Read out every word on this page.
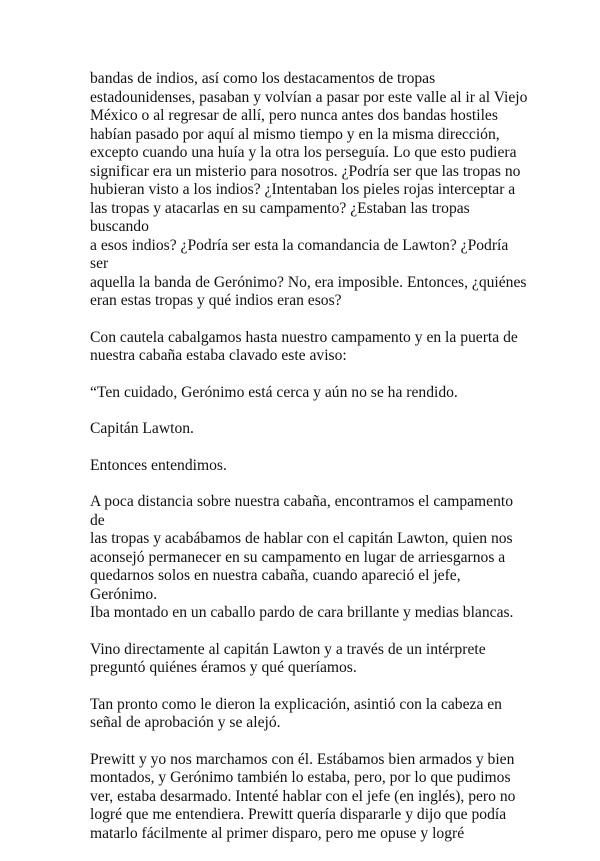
bandas de indios, así como los destacamentos de tropas
estadounidenses, pasaban y volvían a pasar por este valle al ir al Viejo
México o al regresar de allí, pero nunca antes dos bandas hostiles
habían pasado por aquí al mismo tiempo y en la misma dirección,
excepto cuando una huía y la otra los perseguía. Lo que esto pudiera
significar era un misterio para nosotros. ¿Podría ser que las tropas no
hubieran visto a los indios? ¿Intentaban los pieles rojas interceptar a
las tropas y atacarlas en su campamento? ¿Estaban las tropas buscando
a esos indios? ¿Podría ser esta la comandancia de Lawton? ¿Podría ser
aquella la banda de Gerónimo? No, era imposible. Entonces, ¿quiénes
eran estas tropas y qué indios eran esos?

Con cautela cabalgamos hasta nuestro campamento y en la puerta de
nuestra cabaña estaba clavado este aviso:

“Ten cuidado, Gerónimo está cerca y aún no se ha rendido.

Capitán Lawton.

Entonces entendimos.

A poca distancia sobre nuestra cabaña, encontramos el campamento de
las tropas y acabábamos de hablar con el capitán Lawton, quien nos
aconsejó permanecer en su campamento en lugar de arriesgarnos a
quedarnos solos en nuestra cabaña, cuando apareció el jefe, Gerónimo.
Iba montado en un caballo pardo de cara brillante y medias blancas.

Vino directamente al capitán Lawton y a través de un intérprete
preguntó quiénes éramos y qué queríamos.

Tan pronto como le dieron la explicación, asintió con la cabeza en
señal de aprobación y se alejó.

Prewitt y yo nos marchamos con él. Estábamos bien armados y bien
montados, y Gerónimo también lo estaba, pero, por lo que pudimos
ver, estaba desarmado. Intenté hablar con el jefe (en inglés), pero no
logré que me entendiera. Prewitt quería dispararle y dijo que podía
matarlo fácilmente al primer disparo, pero me opuse y logré
